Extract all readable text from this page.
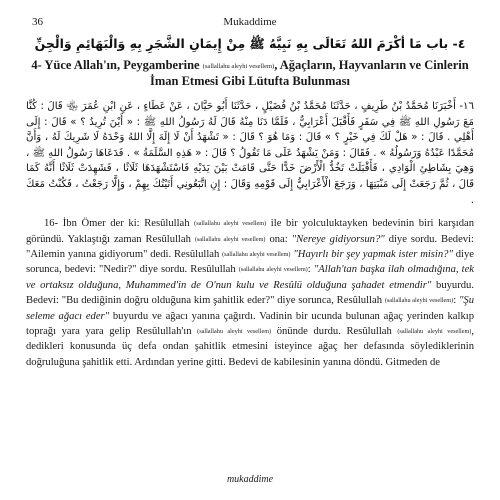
36	Mukaddime
٤- باب مَا أكْرَمَ اللهُ تَعَالَى بِهِ نَبِيَّهُ ﷺ مِنْ إِيمَانِ الشَّجَرِ بِهِ وَالْبَهَائِمِ وَالْجِنِّ
4- Yüce Allah'ın, Peygamberine (sallallahu aleyhi vesellem), Ağaçların, Hayvanların ve Cinlerin İman Etmesi Gibi Lütufta Bulunması
١٦- أَخْبَرَنَا مُحَمَّدُ بْنُ طَرِيفٍ ، حَدَّثَنَا مُحَمَّدُ بْنُ فُضَيْلٍ ، حَدَّثَنَا أَبُو حَيَّانَ ، عَنْ عَطَاءٍ ، عَنِ ابْنِ عُمَرَ ﵄ قَالَ : كُنَّا مَعَ رَسُولِ اللهِ ﷺ فِي سَفَرٍ فَأَقْبَلَ أَعْرَابِيٌّ ، فَلَمَّا دَنَا مِنْهُ قَالَ لَهُ رَسُولُ اللهِ ﷺ : « أَيْنَ تُرِيدُ ؟ » قَالَ : إِلَى أَهْلِي . قَالَ : « هَلْ لَكَ فِي خَيْرٍ ؟ » قَالَ : وَمَا هُوَ ؟ قَالَ : « تَشْهَدُ أَنْ لَا إِلَهَ إِلَّا اللهُ وَحْدَهُ لَا شَرِيكَ لَهُ ، وَأَنَّ مُحَمَّدًا عَبْدُهُ وَرَسُولُهُ » . فَقَالَ : وَمَنْ يَشْهَدُ عَلَى مَا تَقُولُ ؟ قَالَ : « هَذِهِ السَّلَمَةُ » . فَدَعَاهَا رَسُولُ اللهِ ﷺ ، وَهِيَ بِشَاطِئِ الْوَادِي ، فَأَقْبَلَتْ تَخُدُّ الْأَرْضَ خَدًّا حَتَّى قَامَتْ بَيْنَ يَدَيْهِ فَاسْتَشْهَدَهَا ثَلَاثًا ، فَشَهِدَتْ ثَلَاثًا أَنَّهُ كَمَا قَالَ ، ثُمَّ رَجَعَتْ إِلَى مَنْبَتِهَا ، وَرَجَعَ الْأَعْرَابِيُّ إِلَى قَوْمِهِ وَقَالَ : إِنِ اتَّبَعُونِي أَتَيْتُكَ بِهِمْ ، وَإِلَّا رَجَعْتُ ، فَكُنْتُ مَعَكَ .

16- İbn Ömer der ki: Resûlullah (sallallahu aleyhi vesellem) ile bir yolculuktayken bedevinin biri karşıdan göründü. Yaklaştığı zaman Resûlullah (sallallahu aleyhi vesellem) ona: "Nereye gidiyorsun?" diye sordu. Bedevi: "Ailemin yanına gidiyorum" dedi. Resûlullah (sallallahu aleyhi vesellem) "Hayırlı bir şey yapmak ister misin?" diye sorunca, bedevi: "Nedir?" diye sordu. Resûlullah (sallallahu aleyhi vesellem): "Allah'tan başka ilah olmadığına, tek ve ortaksız olduğuna, Muhammed'in de O'nun kulu ve Resûlü olduğuna şahadet etmendir" buyurdu. Bedevi: "Bu dediğinin doğru olduğuna kim şahitlik eder?" diye sorunca, Resûlullah (sallallahu aleyhi vesellem): "Şu seleme ağacı eder" buyurdu ve ağacı yanına çağırdı. Vadinin bir ucunda bulunan ağaç yerinden kalkıp toprağı yara yara gelip Resûlullah'ın (sallallahu aleyhi vesellem) önünde durdu. Resûlullah (sallallahu aleyhi vesellem), dedikleri konusunda üç defa ondan şahitlik etmesini isteyince ağaç her defasında söylediklerinin doğruluğuna şahitlik etti. Ardından yerine gitti. Bedevi de kabilesinin yanına döndü. Gitmeden de

mukaddime
